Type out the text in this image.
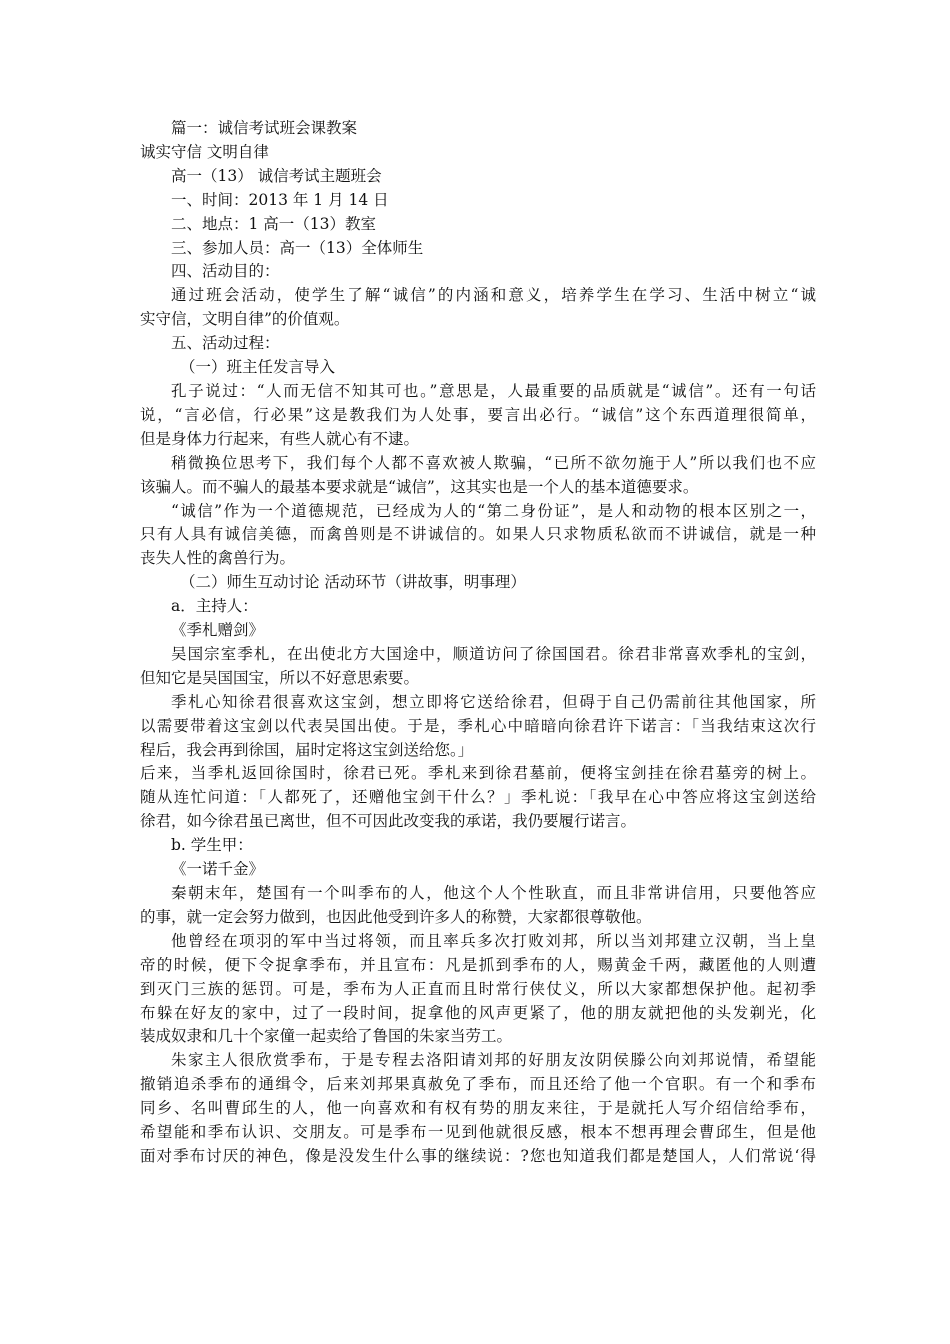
篇一：诚信考试班会课教案

诚实守信 文明自律

高一（13） 诚信考试主题班会

一、时间：2013 年 1 月 14 日

二、地点：1 高一（13）教室

三、参加人员：高一（13）全体师生

四、活动目的：

通过班会活动，使学生了解“诚信”的内涵和意义，培养学生在学习、生活中树立“诚

实守信，文明自律”的价值观。

五、活动过程：

（一）班主任发言导入

孔子说过：“人而无信不知其可也。”意思是，人最重要的品质就是“诚信”。还有一句话

说，“言必信，行必果”这是教我们为人处事，要言出必行。“诚信”这个东西道理很简单，

但是身体力行起来，有些人就心有不逮。

稍微换位思考下，我们每个人都不喜欢被人欺骗，“已所不欲勿施于人”所以我们也不应

该骗人。而不骗人的最基本要求就是“诚信”，这其实也是一个人的基本道德要求。

“诚信”作为一个道德规范，已经成为人的“第二身份证”，是人和动物的根本区别之一，

只有人具有诚信美德，而禽兽则是不讲诚信的。如果人只求物质私欲而不讲诚信，就是一种

丧失人性的禽兽行为。

（二）师生互动讨论 活动环节（讲故事，明事理）

a．主持人：

《季札赠剑》

吴国宗室季札，在出使北方大国途中，顺道访问了徐国国君。徐君非常喜欢季札的宝剑，

但知它是吴国国宝，所以不好意思索要。

季札心知徐君很喜欢这宝剑，想立即将它送给徐君，但碍于自己仍需前往其他国家，所

以需要带着这宝剑以代表吴国出使。于是，季札心中暗暗向徐君许下诺言：「当我结束这次行

程后，我会再到徐国，届时定将这宝剑送给您。」

后来，当季札返回徐国时，徐君已死。季札来到徐君墓前，便将宝剑挂在徐君墓旁的树上。

随从连忙问道：「人都死了，还赠他宝剑干什么？」季札说：「我早在心中答应将这宝剑送给

徐君，如今徐君虽已离世，但不可因此改变我的承诺，我仍要履行诺言。

b. 学生甲：

《一诺千金》

秦朝末年，楚国有一个叫季布的人，他这个人个性耿直，而且非常讲信用，只要他答应

的事，就一定会努力做到，也因此他受到许多人的称赞，大家都很尊敬他。

他曾经在项羽的军中当过将领，而且率兵多次打败刘邦，所以当刘邦建立汉朝，当上皇

帝的时候，便下令捉拿季布，并且宣布：凡是抓到季布的人，赐黄金千两，藏匿他的人则遭

到灭门三族的惩罚。可是，季布为人正直而且时常行侠仗义，所以大家都想保护他。起初季

布躲在好友的家中，过了一段时间，捉拿他的风声更紧了，他的朋友就把他的头发剃光，化

装成奴隶和几十个家僮一起卖给了鲁国的朱家当劳工。

朱家主人很欣赏季布，于是专程去洛阳请刘邦的好朋友汝阴侯滕公向刘邦说情，希望能

撤销追杀季布的通缉令，后来刘邦果真赦免了季布，而且还给了他一个官职。有一个和季布

同乡、名叫曹邱生的人，他一向喜欢和有权有势的朋友来往，于是就托人写介绍信给季布，

希望能和季布认识、交朋友。可是季布一见到他就很反感，根本不想再理会曹邱生，但是他

面对季布讨厌的神色，像是没发生什么事的继续说：?您也知道我们都是楚国人，人们常说‘得
